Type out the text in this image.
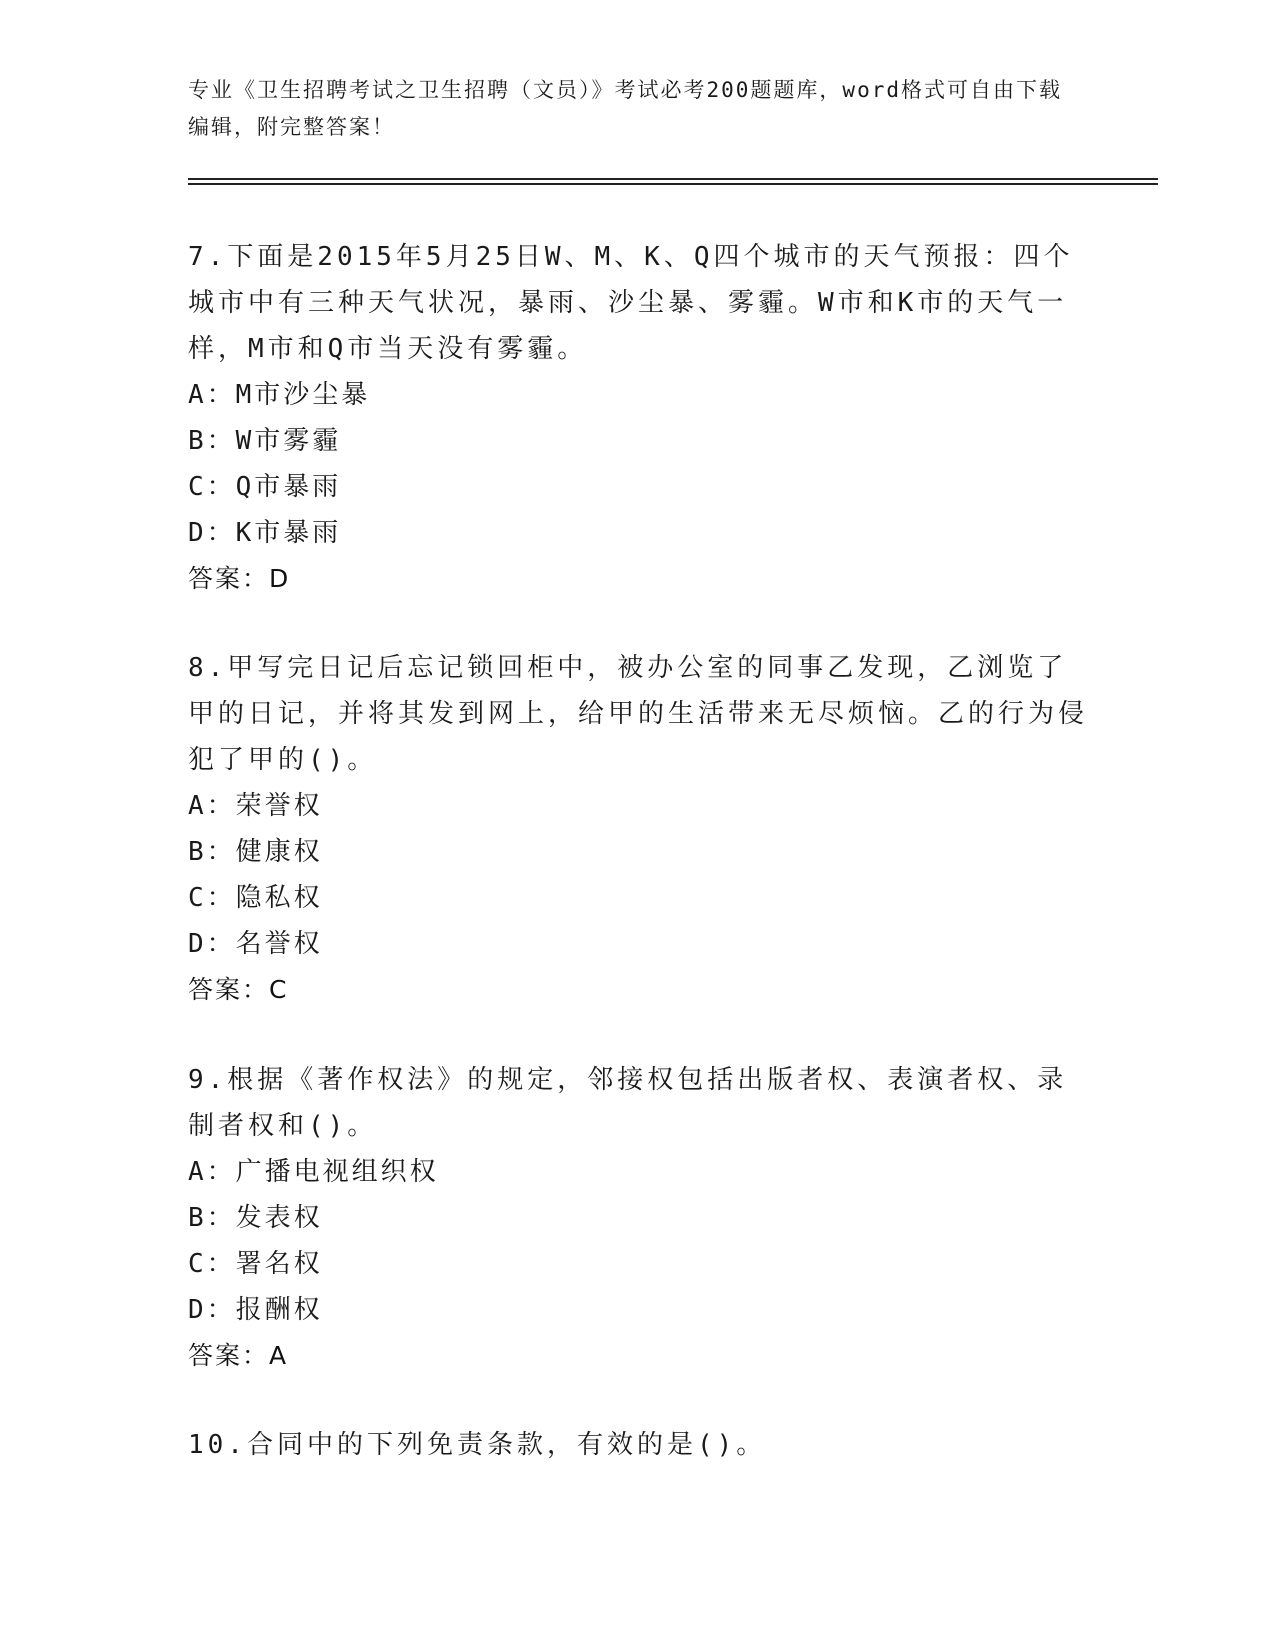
专业《卫生招聘考试之卫生招聘（文员）》考试必考200题题库，word格式可自由下载编辑，附完整答案！

7.下面是2015年5月25日W、M、K、Q四个城市的天气预报：四个城市中有三种天气状况，暴雨、沙尘暴、雾霾。W市和K市的天气一样，M市和Q市当天没有雾霾。

A：M市沙尘暴

B：W市雾霾

C：Q市暴雨

D：K市暴雨

答案：D

8.甲写完日记后忘记锁回柜中，被办公室的同事乙发现，乙浏览了甲的日记，并将其发到网上，给甲的生活带来无尽烦恼。乙的行为侵犯了甲的()。

A：荣誉权

B：健康权

C：隐私权

D：名誉权

答案：C

9.根据《著作权法》的规定，邻接权包括出版者权、表演者权、录制者权和()。

A：广播电视组织权

B：发表权

C：署名权

D：报酬权

答案：A

10.合同中的下列免责条款，有效的是()。
